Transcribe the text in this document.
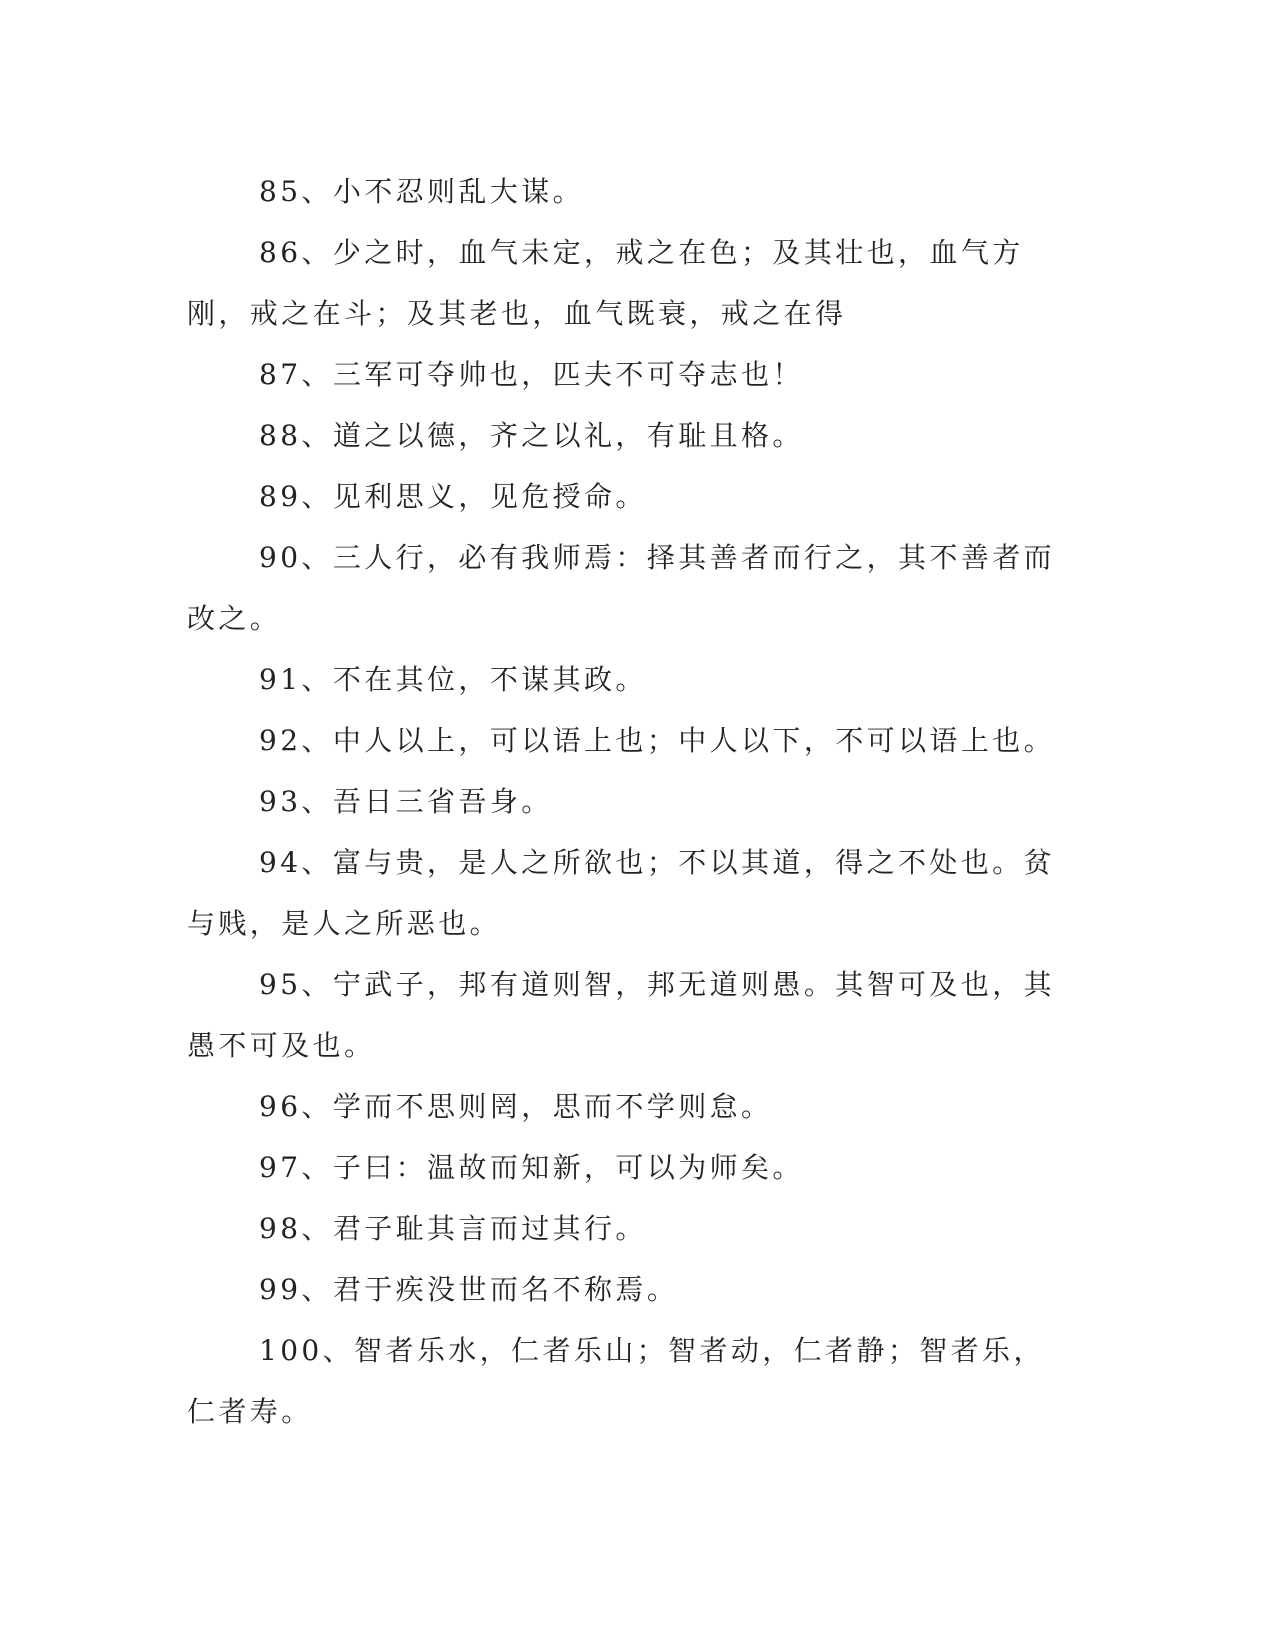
85、小不忍则乱大谋。

86、少之时，血气未定，戒之在色；及其壮也，血气方刚，戒之在斗；及其老也，血气既衰，戒之在得

87、三军可夺帅也，匹夫不可夺志也！

88、道之以德，齐之以礼，有耻且格。

89、见利思义，见危授命。

90、三人行，必有我师焉：择其善者而行之，其不善者而改之。

91、不在其位，不谋其政。

92、中人以上，可以语上也；中人以下，不可以语上也。

93、吾日三省吾身。

94、富与贵，是人之所欲也；不以其道，得之不处也。贫与贱，是人之所恶也。

95、宁武子，邦有道则智，邦无道则愚。其智可及也，其愚不可及也。

96、学而不思则罔，思而不学则怠。

97、子曰：温故而知新，可以为师矣。

98、君子耻其言而过其行。

99、君于疾没世而名不称焉。

100、智者乐水，仁者乐山；智者动，仁者静；智者乐，仁者寿。
